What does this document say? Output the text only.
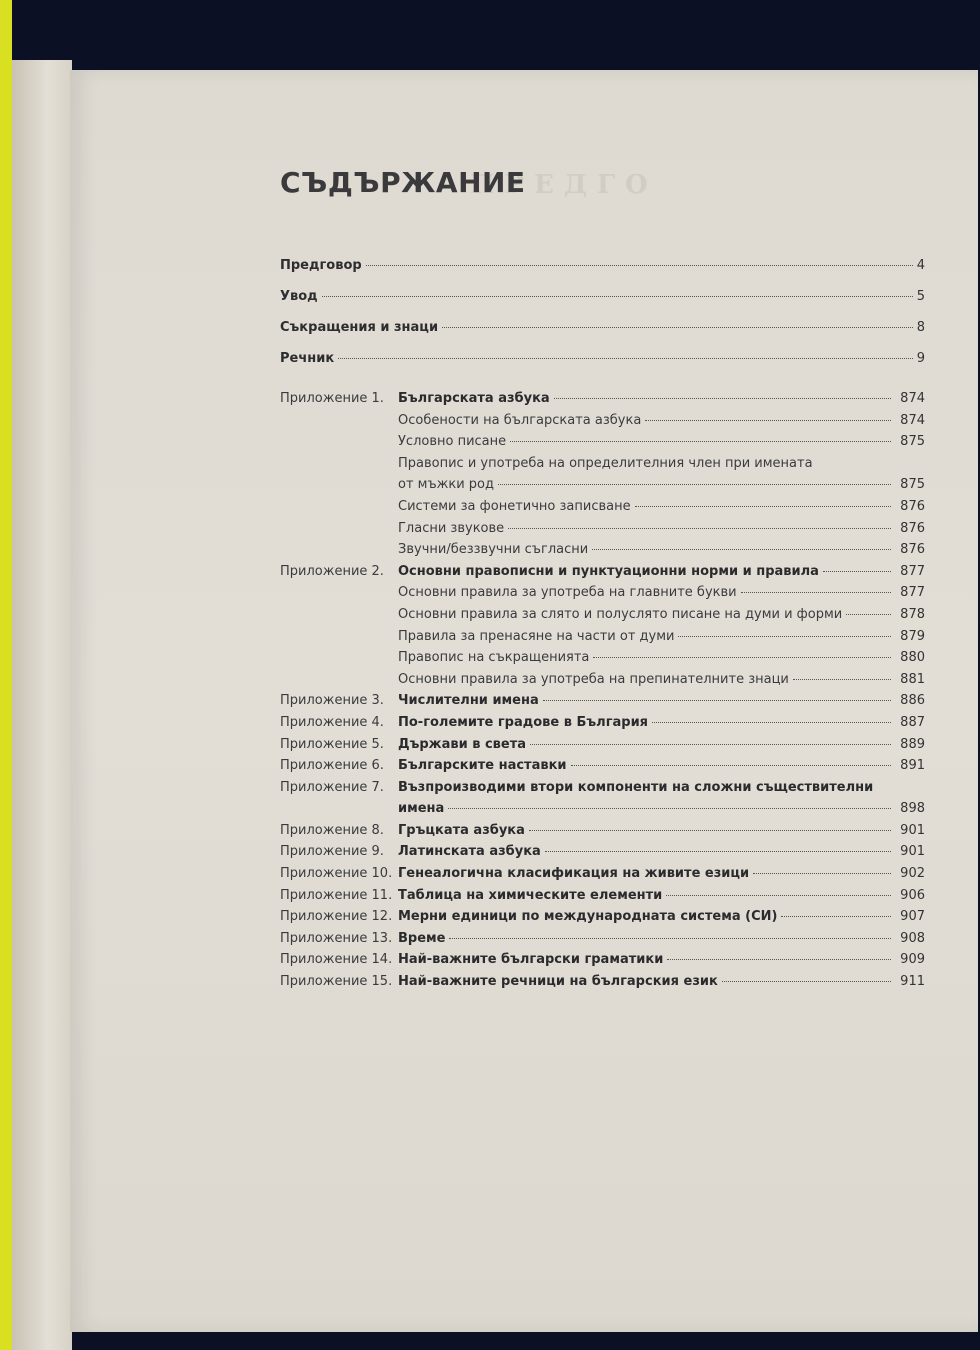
ПРЕДГО
СЪДЪРЖАНИЕ
Предговор	4
Увод	5
Съкращения и знаци	8
Речник	9
Приложение 1.	Българската азбука	874
Особености на българската азбука	874
Условно писане	875
Правопис и употреба на определителния член при имената
от мъжки род	875
Системи за фонетично записване	876
Гласни звукове	876
Звучни/беззвучни съгласни	876
Приложение 2.	Основни правописни и пунктуационни норми и правила	877
Основни правила за употреба на главните букви	877
Основни правила за слято и полуслято писане на думи и форми	878
Правила за пренасяне на части от думи	879
Правопис на съкращенията	880
Основни правила за употреба на препинателните знаци	881
Приложение 3.	Числителни имена	886
Приложение 4.	По-големите градове в България	887
Приложение 5.	Държави в света	889
Приложение 6.	Българските наставки	891
Приложение 7.	Възпроизводими втори компоненти на сложни съществителни
имена	898
Приложение 8.	Гръцката азбука	901
Приложение 9.	Латинската азбука	901
Приложение 10. Генеалогична класификация на живите езици	902
Приложение 11. Таблица на химическите елементи	906
Приложение 12. Мерни единици по международната система (СИ)	907
Приложение 13. Време	908
Приложение 14. Най-важните български граматики	909
Приложение 15. Най-важните речници на българския език	911
